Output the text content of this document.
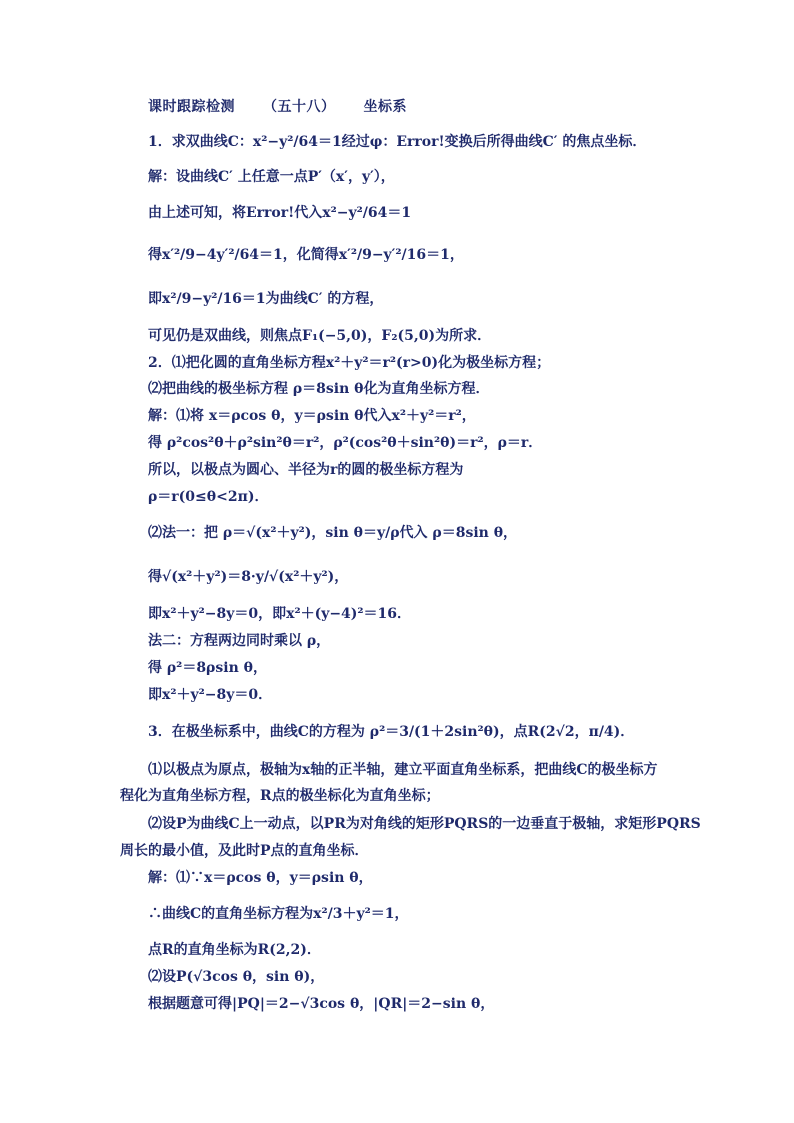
课时跟踪检测 （五十八） 坐标系
1．求双曲线C：x²−y²/64＝1经过φ：Error!变换后所得曲线C′ 的焦点坐标．
解：设曲线C′ 上任意一点P′（x′，y′），
由上述可知，将Error!代入x²−y²/64＝1
得x′²/9−4y′²/64＝1，化简得x′²/9−y′²/16＝1，
即x²/9−y²/16＝1为曲线C′ 的方程，
可见仍是双曲线，则焦点F₁(−5,0)，F₂(5,0)为所求．
2．⑴把化圆的直角坐标方程x²＋y²＝r²(r>0)化为极坐标方程；
⑵把曲线的极坐标方程 ρ＝8sin θ化为直角坐标方程．
解：⑴将 x＝ρcos θ，y＝ρsin θ代入x²＋y²＝r²，
得 ρ²cos²θ＋ρ²sin²θ＝r²，ρ²(cos²θ＋sin²θ)＝r²，ρ＝r．
所以，以极点为圆心、半径为r的圆的极坐标方程为
ρ＝r(0≤θ<2π)．
⑵法一：把 ρ＝√(x²＋y²)，sin θ＝y/ρ代入 ρ＝8sin θ，
得√(x²＋y²)＝8·y/√(x²＋y²)，
即x²＋y²−8y＝0，即x²＋(y−4)²＝16．
法二：方程两边同时乘以 ρ，
得 ρ²＝8ρsin θ，
即x²＋y²−8y＝0．
3．在极坐标系中，曲线C的方程为 ρ²＝3/(1＋2sin²θ)，点R(2√2，π/4)．
⑴以极点为原点，极轴为x轴的正半轴，建立平面直角坐标系，把曲线C的极坐标方
程化为直角坐标方程，R点的极坐标化为直角坐标；
⑵设P为曲线C上一动点，以PR为对角线的矩形PQRS的一边垂直于极轴，求矩形PQRS
周长的最小值，及此时P点的直角坐标．
解：⑴∵x＝ρcos θ，y＝ρsin θ，
∴曲线C的直角坐标方程为x²/3＋y²＝1，
点R的直角坐标为R(2,2)．
⑵设P(√3cos θ，sin θ)，
根据题意可得|PQ|＝2−√3cos θ，|QR|＝2−sin θ，
